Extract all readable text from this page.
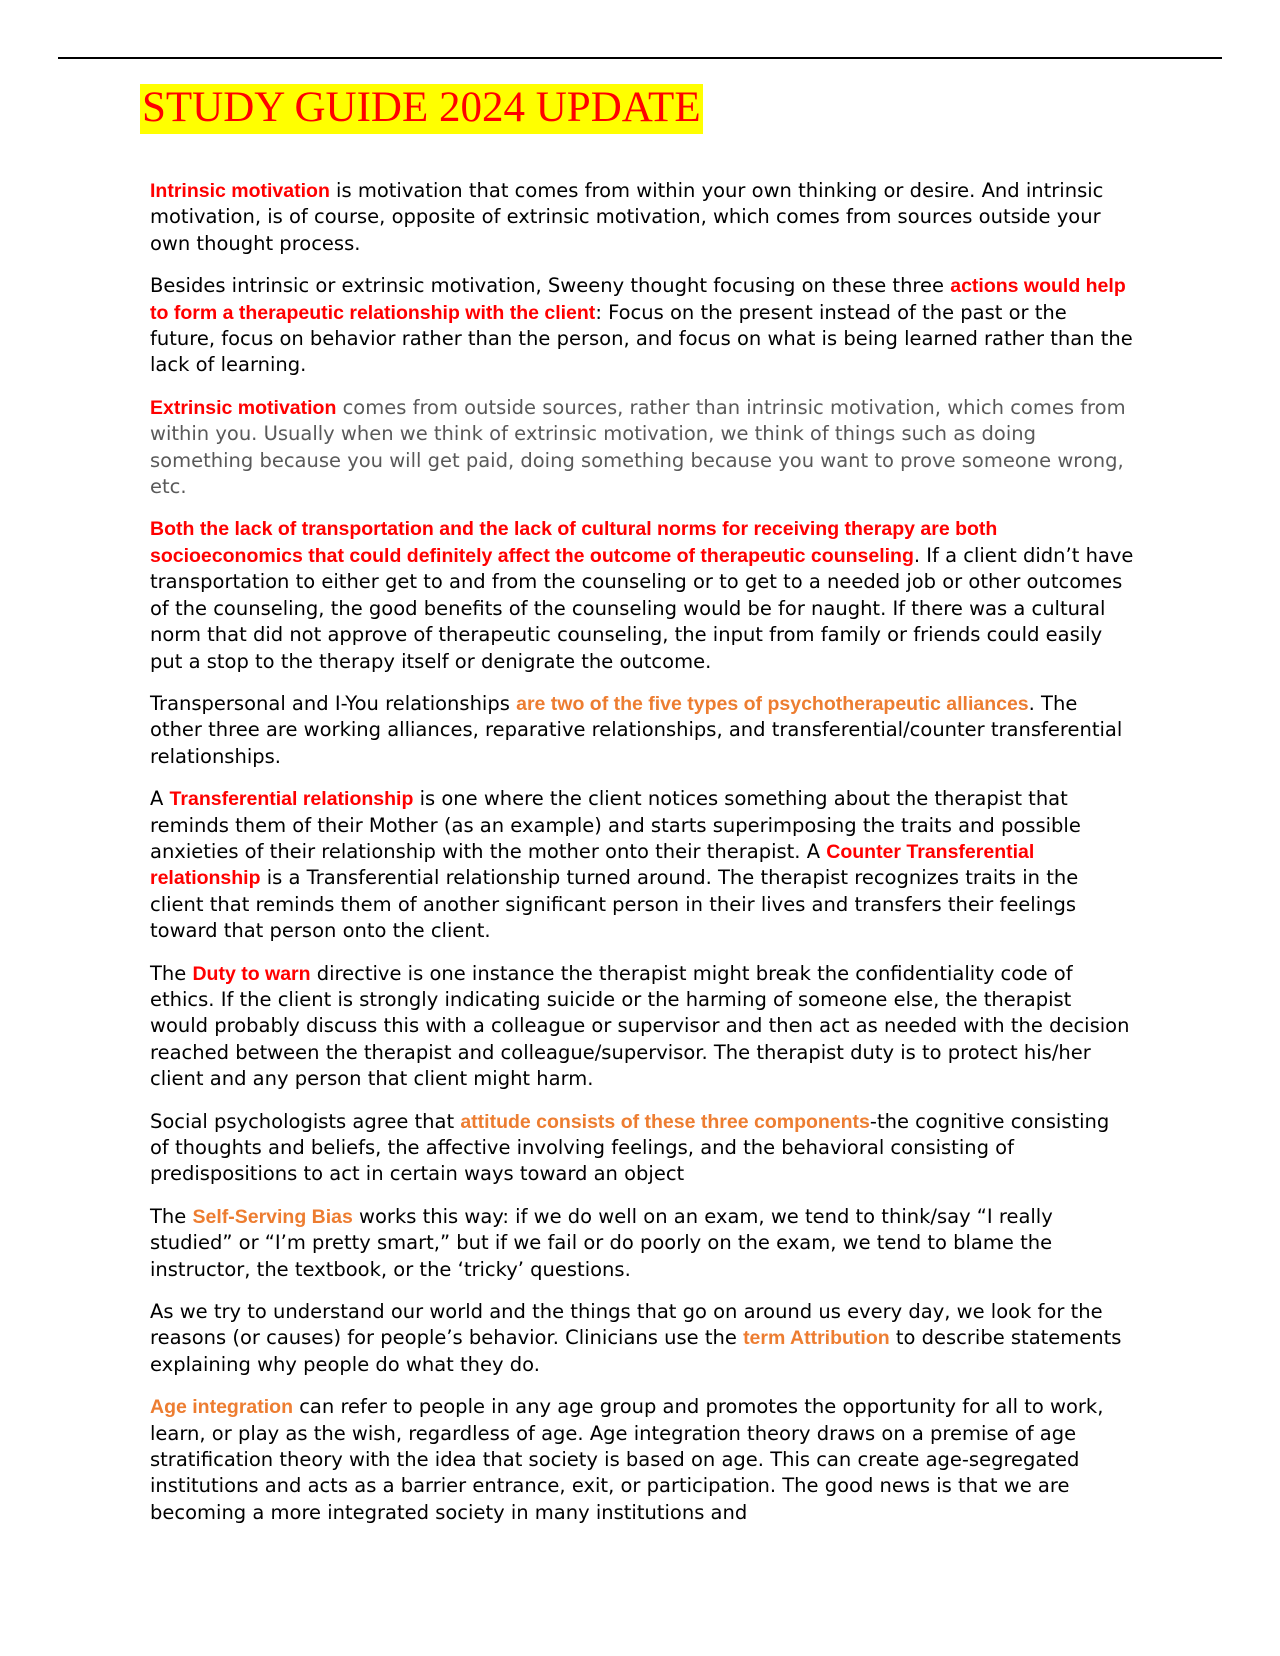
STUDY GUIDE 2024 UPDATE

Intrinsic motivation is motivation that comes from within your own thinking or desire. And intrinsic motivation, is of course, opposite of extrinsic motivation, which comes from sources outside your own thought process.

Besides intrinsic or extrinsic motivation, Sweeny thought focusing on these three actions would help to form a therapeutic relationship with the client: Focus on the present instead of the past or the future, focus on behavior rather than the person, and focus on what is being learned rather than the lack of learning.

Extrinsic motivation comes from outside sources, rather than intrinsic motivation, which comes from within you. Usually when we think of extrinsic motivation, we think of things such as doing something because you will get paid, doing something because you want to prove someone wrong, etc.

Both the lack of transportation and the lack of cultural norms for receiving therapy are both socioeconomics that could definitely affect the outcome of therapeutic counseling. If a client didn’t have transportation to either get to and from the counseling or to get to a needed job or other outcomes of the counseling, the good benefits of the counseling would be for naught. If there was a cultural norm that did not approve of therapeutic counseling, the input from family or friends could easily put a stop to the therapy itself or denigrate the outcome.

Transpersonal and I-You relationships are two of the five types of psychotherapeutic alliances. The other three are working alliances, reparative relationships, and transferential/counter transferential relationships.

A Transferential relationship is one where the client notices something about the therapist that reminds them of their Mother (as an example) and starts superimposing the traits and possible anxieties of their relationship with the mother onto their therapist. A Counter Transferential relationship is a Transferential relationship turned around. The therapist recognizes traits in the client that reminds them of another significant person in their lives and transfers their feelings toward that person onto the client.

The Duty to warn directive is one instance the therapist might break the confidentiality code of ethics. If the client is strongly indicating suicide or the harming of someone else, the therapist would probably discuss this with a colleague or supervisor and then act as needed with the decision reached between the therapist and colleague/supervisor. The therapist duty is to protect his/her client and any person that client might harm.

Social psychologists agree that attitude consists of these three components-the cognitive consisting of thoughts and beliefs, the affective involving feelings, and the behavioral consisting of predispositions to act in certain ways toward an object

The Self-Serving Bias works this way: if we do well on an exam, we tend to think/say “I really studied” or “I’m pretty smart,” but if we fail or do poorly on the exam, we tend to blame the instructor, the textbook, or the ‘tricky’ questions.

As we try to understand our world and the things that go on around us every day, we look for the reasons (or causes) for people’s behavior. Clinicians use the term Attribution to describe statements explaining why people do what they do.

Age integration can refer to people in any age group and promotes the opportunity for all to work, learn, or play as the wish, regardless of age. Age integration theory draws on a premise of age stratification theory with the idea that society is based on age. This can create age-segregated institutions and acts as a barrier entrance, exit, or participation. The good news is that we are becoming a more integrated society in many institutions and
